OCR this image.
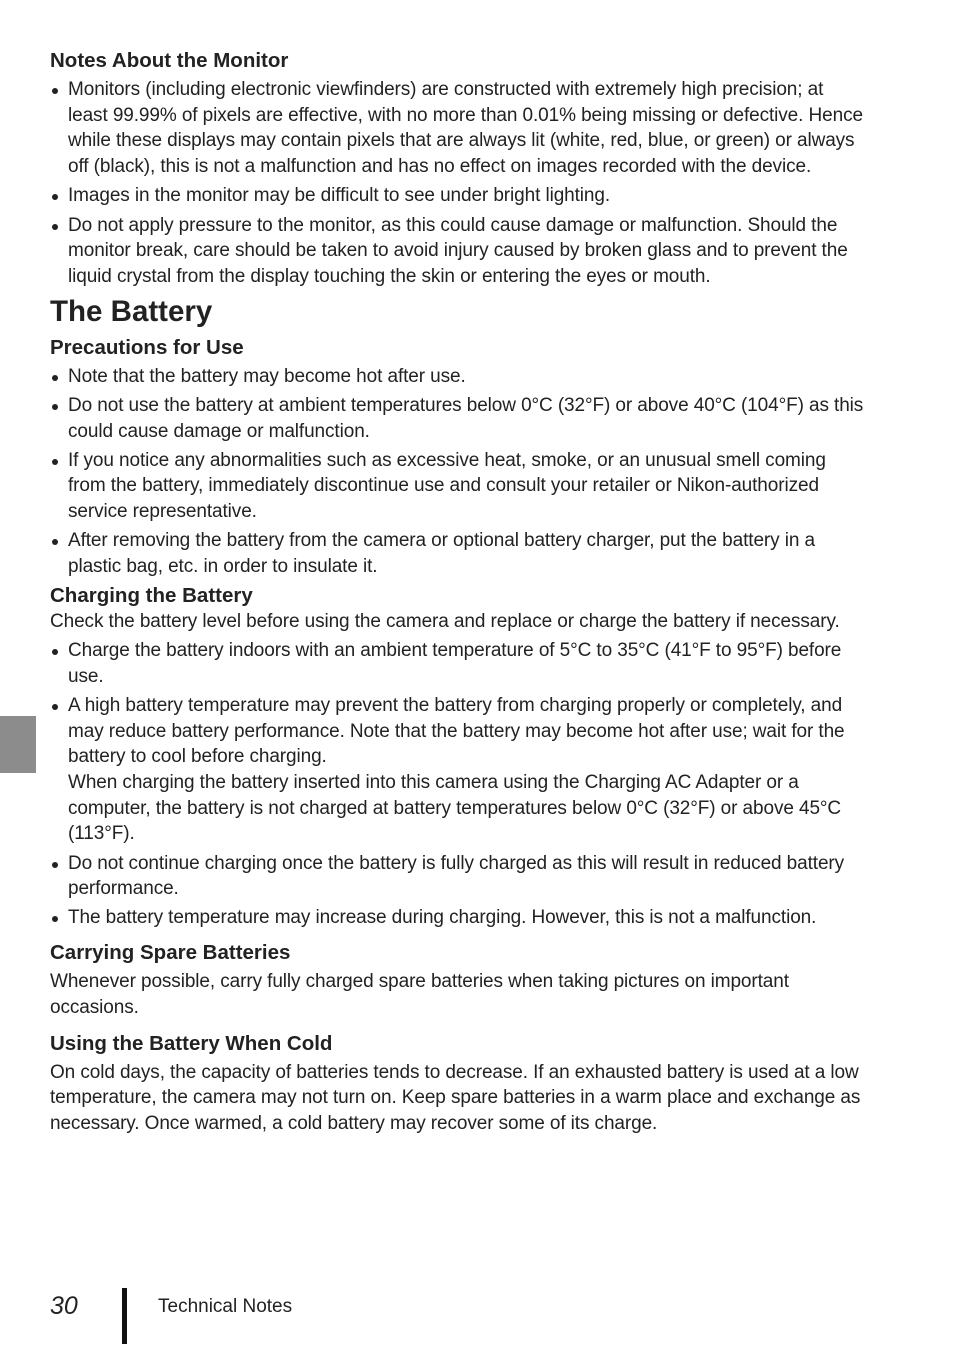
Notes About the Monitor
Monitors (including electronic viewfinders) are constructed with extremely high precision; at least 99.99% of pixels are effective, with no more than 0.01% being missing or defective. Hence while these displays may contain pixels that are always lit (white, red, blue, or green) or always off (black), this is not a malfunction and has no effect on images recorded with the device.
Images in the monitor may be difficult to see under bright lighting.
Do not apply pressure to the monitor, as this could cause damage or malfunction. Should the monitor break, care should be taken to avoid injury caused by broken glass and to prevent the liquid crystal from the display touching the skin or entering the eyes or mouth.
The Battery
Precautions for Use
Note that the battery may become hot after use.
Do not use the battery at ambient temperatures below 0°C (32°F) or above 40°C (104°F) as this could cause damage or malfunction.
If you notice any abnormalities such as excessive heat, smoke, or an unusual smell coming from the battery, immediately discontinue use and consult your retailer or Nikon-authorized service representative.
After removing the battery from the camera or optional battery charger, put the battery in a plastic bag, etc. in order to insulate it.
Charging the Battery

Check the battery level before using the camera and replace or charge the battery if necessary.

Charge the battery indoors with an ambient temperature of 5°C to 35°C (41°F to 95°F) before use.
A high battery temperature may prevent the battery from charging properly or completely, and may reduce battery performance. Note that the battery may become hot after use; wait for the battery to cool before charging.
When charging the battery inserted into this camera using the Charging AC Adapter or a computer, the battery is not charged at battery temperatures below 0°C (32°F) or above 45°C (113°F).
Do not continue charging once the battery is fully charged as this will result in reduced battery performance.
The battery temperature may increase during charging. However, this is not a malfunction.
Carrying Spare Batteries

Whenever possible, carry fully charged spare batteries when taking pictures on important occasions.

Using the Battery When Cold

On cold days, the capacity of batteries tends to decrease. If an exhausted battery is used at a low temperature, the camera may not turn on. Keep spare batteries in a warm place and exchange as necessary. Once warmed, a cold battery may recover some of its charge.

30	Technical Notes
